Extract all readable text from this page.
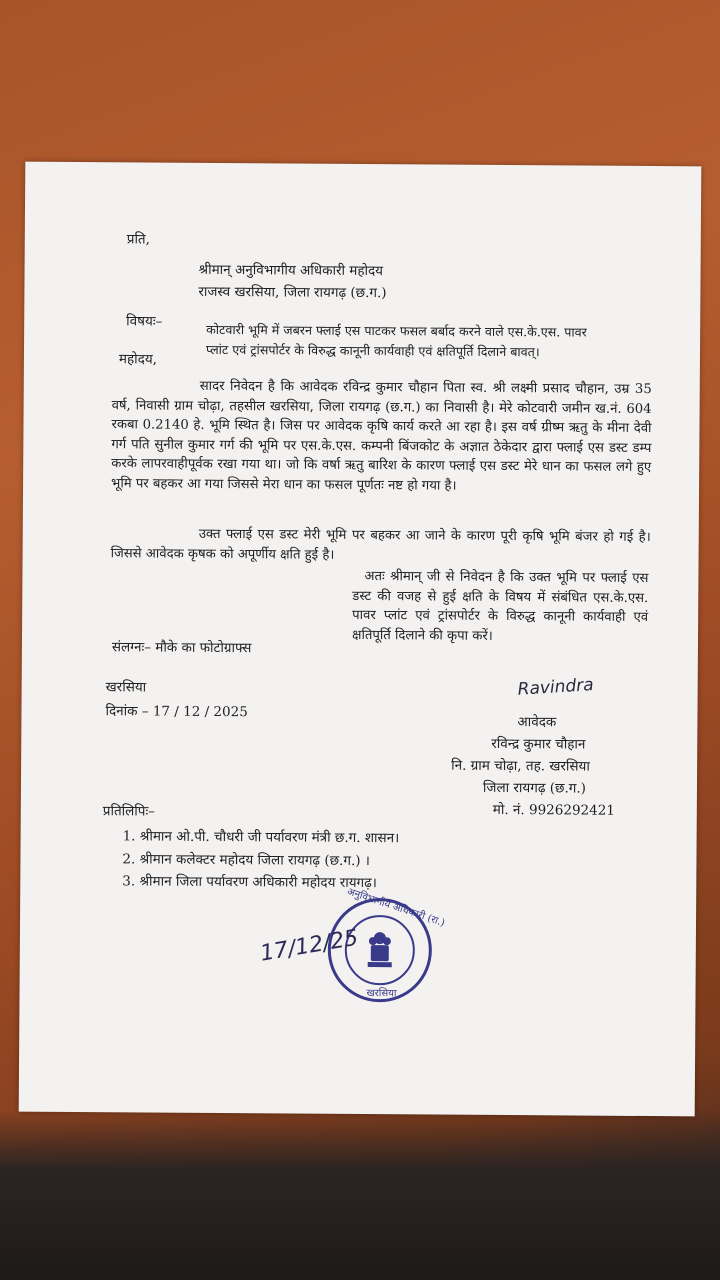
प्रति,
श्रीमान् अनुविभागीय अधिकारी महोदय
राजस्व खरसिया, जिला रायगढ़ (छ.ग.)
विषयः–
कोटवारी भूमि में जबरन फ्लाई एस पाटकर फसल बर्बाद करने वाले एस.के.एस. पावर
प्लांट एवं ट्रांसपोर्टर के विरुद्ध कानूनी कार्यवाही एवं क्षतिपूर्ति दिलाने बावत्।
महोदय,
सादर निवेदन है कि आवेदक रविन्द्र कुमार चौहान पिता स्व. श्री लक्ष्मी प्रसाद चौहान, उम्र 35 वर्ष, निवासी ग्राम चोढ़ा, तहसील खरसिया, जिला रायगढ़ (छ.ग.) का निवासी है। मेरे कोटवारी जमीन ख.नं. 604 रकबा 0.2140 हे. भूमि स्थित है। जिस पर आवेदक कृषि कार्य करते आ रहा है। इस वर्ष ग्रीष्म ऋतु के मीना देवी गर्ग पति सुनील कुमार गर्ग की भूमि पर एस.के.एस. कम्पनी बिंजकोट के अज्ञात ठेकेदार द्वारा फ्लाई एस डस्ट डम्प करके लापरवाहीपूर्वक रखा गया था। जो कि वर्षा ऋतु बारिश के कारण फ्लाई एस डस्ट मेरे धान का फसल लगे हुए भूमि पर बहकर आ गया जिससे मेरा धान का फसल पूर्णतः नष्ट हो गया है।
उक्त फ्लाई एस डस्ट मेरी भूमि पर बहकर आ जाने के कारण पूरी कृषि भूमि बंजर हो गई है। जिससे आवेदक कृषक को अपूर्णीय क्षति हुई है।
अतः श्रीमान् जी से निवेदन है कि उक्त भूमि पर फ्लाई एस डस्ट की वजह से हुई क्षति के विषय में संबंधित एस.के.एस. पावर प्लांट एवं ट्रांसपोर्टर के विरुद्ध कानूनी कार्यवाही एवं क्षतिपूर्ति दिलाने की कृपा करें।
संलग्नः– मौके का फोटोग्राफ्स
खरसिया
दिनांक – 17 / 12 / 2025
Ravindra
आवेदक
रविन्द्र कुमार चौहान
नि. ग्राम चोढ़ा, तह. खरसिया
जिला रायगढ़ (छ.ग.)
मो. नं. 9926292421
प्रतिलिपिः–
1. श्रीमान ओ.पी. चौधरी जी पर्यावरण मंत्री छ.ग. शासन।
2. श्रीमान कलेक्टर महोदय जिला रायगढ़ (छ.ग.) ।
3. श्रीमान जिला पर्यावरण अधिकारी महोदय रायगढ़।
अनुविभागीय अधिकारी (रा.)
खरसिया
17/12/25
